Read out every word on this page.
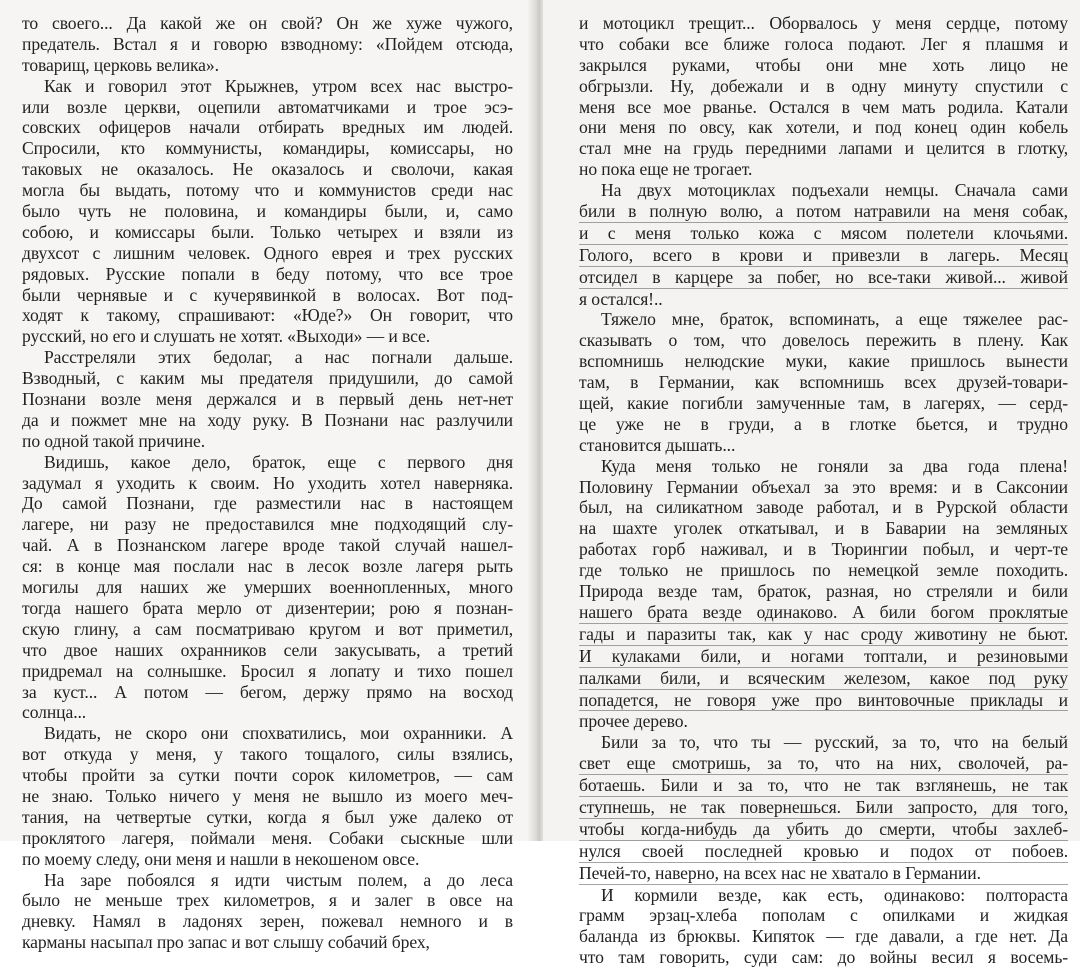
то своего... Да какой же он свой? Он же хуже чужого,
предатель. Встал я и говорю взводному: «Пойдем отсюда,
товарищ, церковь велика».
Как и говорил этот Крыжнев, утром всех нас выстро-
или возле церкви, оцепили автоматчиками и трое эсэ-
совских офицеров начали отбирать вредных им людей.
Спросили, кто коммунисты, командиры, комиссары, но
таковых не оказалось. Не оказалось и сволочи, какая
могла бы выдать, потому что и коммунистов среди нас
было чуть не половина, и командиры были, и, само
собою, и комиссары были. Только четырех и взяли из
двухсот с лишним человек. Одного еврея и трех русских
рядовых. Русские попали в беду потому, что все трое
были чернявые и с кучерявинкой в волосах. Вот под-
ходят к такому, спрашивают: «Юде?» Он говорит, что
русский, но его и слушать не хотят. «Выходи» — и все.
Расстреляли этих бедолаг, а нас погнали дальше.
Взводный, с каким мы предателя придушили, до самой
Познани возле меня держался и в первый день нет-нет
да и пожмет мне на ходу руку. В Познани нас разлучили
по одной такой причине.
Видишь, какое дело, браток, еще с первого дня
задумал я уходить к своим. Но уходить хотел наверняка.
До самой Познани, где разместили нас в настоящем
лагере, ни разу не предоставился мне подходящий слу-
чай. А в Познанском лагере вроде такой случай нашел-
ся: в конце мая послали нас в лесок возле лагеря рыть
могилы для наших же умерших военнопленных, много
тогда нашего брата мерло от дизентерии; рою я познан-
скую глину, а сам посматриваю кругом и вот приметил,
что двое наших охранников сели закусывать, а третий
придремал на солнышке. Бросил я лопату и тихо пошел
за куст... А потом — бегом, держу прямо на восход
солнца...
Видать, не скоро они спохватились, мои охранники. А
вот откуда у меня, у такого тощалого, силы взялись,
чтобы пройти за сутки почти сорок километров, — сам
не знаю. Только ничего у меня не вышло из моего меч-
тания, на четвертые сутки, когда я был уже далеко от
проклятого лагеря, поймали меня. Собаки сыскные шли
по моему следу, они меня и нашли в некошеном овсе.
На заре побоялся я идти чистым полем, а до леса
было не меньше трех километров, я и залег в овсе на
дневку. Намял в ладонях зерен, пожевал немного и в
карманы насыпал про запас и вот слышу собачий брех,
и мотоцикл трещит... Оборвалось у меня сердце, потому
что собаки все ближе голоса подают. Лег я плашмя и
закрылся руками, чтобы они мне хоть лицо не
обгрызли. Ну, добежали и в одну минуту спустили с
меня все мое рванье. Остался в чем мать родила. Катали
они меня по овсу, как хотели, и под конец один кобель
стал мне на грудь передними лапами и целится в глотку,
но пока еще не трогает.
На двух мотоциклах подъехали немцы. Сначала сами
били в полную волю, а потом натравили на меня собак,
и с меня только кожа с мясом полетели клочьями.
Голого, всего в крови и привезли в лагерь. Месяц
отсидел в карцере за побег, но все-таки живой... живой
я остался!..
Тяжело мне, браток, вспоминать, а еще тяжелее рас-
сказывать о том, что довелось пережить в плену. Как
вспомнишь нелюдские муки, какие пришлось вынести
там, в Германии, как вспомнишь всех друзей-товари-
щей, какие погибли замученные там, в лагерях, — серд-
це уже не в груди, а в глотке бьется, и трудно
становится дышать...
Куда меня только не гоняли за два года плена!
Половину Германии объехал за это время: и в Саксонии
был, на силикатном заводе работал, и в Рурской области
на шахте уголек откатывал, и в Баварии на земляных
работах горб наживал, и в Тюрингии побыл, и черт-те
где только не пришлось по немецкой земле походить.
Природа везде там, браток, разная, но стреляли и били
нашего брата везде одинаково. А били богом проклятые
гады и паразиты так, как у нас сроду животину не бьют.
И кулаками били, и ногами топтали, и резиновыми
палками били, и всяческим железом, какое под руку
попадется, не говоря уже про винтовочные приклады и
прочее дерево.
Били за то, что ты — русский, за то, что на белый
свет еще смотришь, за то, что на них, сволочей, ра-
ботаешь. Били и за то, что не так взглянешь, не так
ступнешь, не так повернешься. Били запросто, для того,
чтобы когда-нибудь да убить до смерти, чтобы захлеб-
нулся своей последней кровью и подох от побоев.
Печей-то, наверно, на всех нас не хватало в Германии.
И кормили везде, как есть, одинаково: полтораста
грамм эрзац-хлеба пополам с опилками и жидкая
баланда из брюквы. Кипяток — где давали, а где нет. Да
что там говорить, суди сам: до войны весил я восемь-
